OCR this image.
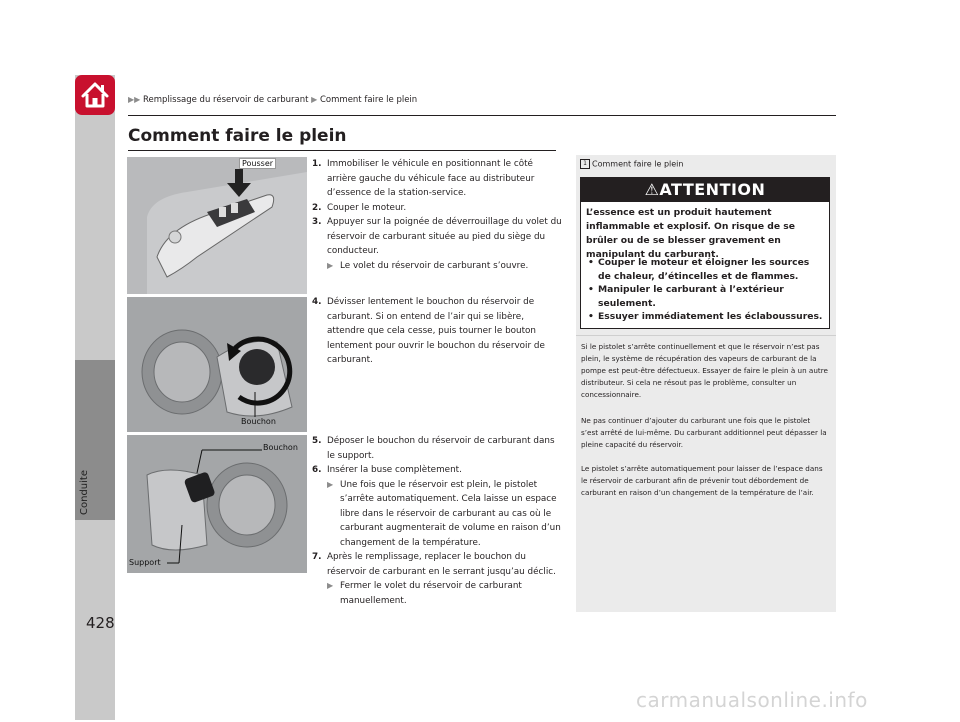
Conduite
▶▶ Remplissage du réservoir de carburant ▶ Comment faire le plein
Comment faire le plein
Pousser
Bouchon
Bouchon
Support
1. Immobiliser le véhicule en positionnant le côté arrière gauche du véhicule face au distributeur d’essence de la station-service.
2. Couper le moteur.
3. Appuyer sur la poignée de déverrouillage du volet du réservoir de carburant située au pied du siège du conducteur.
▶ Le volet du réservoir de carburant s’ouvre.
4. Dévisser lentement le bouchon du réservoir de carburant. Si on entend de l’air qui se libère, attendre que cela cesse, puis tourner le bouton lentement pour ouvrir le bouchon du réservoir de carburant.
5. Déposer le bouchon du réservoir de carburant dans le support.
6. Insérer la buse complètement.
▶ Une fois que le réservoir est plein, le pistolet s’arrête automatiquement. Cela laisse un espace libre dans le réservoir de carburant au cas où le carburant augmenterait de volume en raison d’un changement de la température.
7. Après le remplissage, replacer le bouchon du réservoir de carburant en le serrant jusqu’au déclic.
▶ Fermer le volet du réservoir de carburant manuellement.
1 Comment faire le plein
⚠ATTENTION
L’essence est un produit hautement inflammable et explosif. On risque de se brûler ou de se blesser gravement en manipulant du carburant.
• Couper le moteur et éloigner les sources de chaleur, d’étincelles et de flammes.
• Manipuler le carburant à l’extérieur seulement.
• Essuyer immédiatement les éclaboussures.
Si le pistolet s’arrête continuellement et que le réservoir n’est pas plein, le système de récupération des vapeurs de carburant de la pompe est peut-être défectueux. Essayer de faire le plein à un autre distributeur. Si cela ne résout pas le problème, consulter un concessionnaire.
Ne pas continuer d’ajouter du carburant une fois que le pistolet s’est arrêté de lui-même. Du carburant additionnel peut dépasser la pleine capacité du réservoir.
Le pistolet s’arrête automatiquement pour laisser de l’espace dans le réservoir de carburant afin de prévenir tout débordement de carburant en raison d’un changement de la température de l’air.
428
carmanualsonline.info
